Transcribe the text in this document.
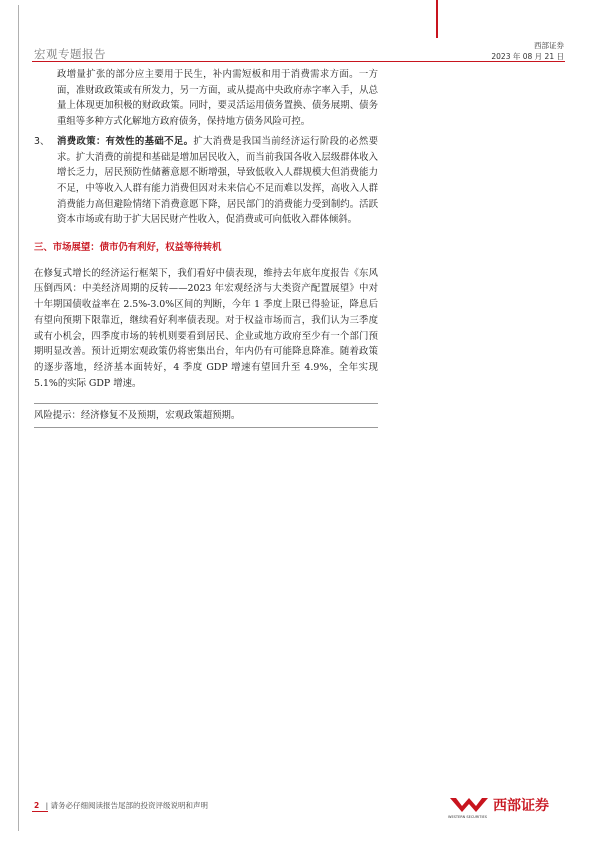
宏观专题报告
西部证券
2023 年 08 月 21 日

政增量扩张的部分应主要用于民生，补内需短板和用于消费需求方面。一方面，准财政政策或有所发力，另一方面，或从提高中央政府赤字率入手，从总量上体现更加积极的财政政策。同时，要灵活运用债务置换、债务展期、债务重组等多种方式化解地方政府债务，保持地方债务风险可控。

3、 消费政策：有效性的基础不足。扩大消费是我国当前经济运行阶段的必然要求。扩大消费的前提和基础是增加居民收入，而当前我国各收入层级群体收入增长乏力，居民预防性储蓄意愿不断增强，导致低收入人群规模大但消费能力不足，中等收入人群有能力消费但因对未来信心不足而难以发挥，高收入人群消费能力高但避险情绪下消费意愿下降，居民部门的消费能力受到制约。活跃资本市场或有助于扩大居民财产性收入，促消费或可向低收入群体倾斜。
三、市场展望：债市仍有利好，权益等待转机

在修复式增长的经济运行框架下，我们看好中债表现，维持去年底年度报告《东风压倒西风：中美经济周期的反转——2023 年宏观经济与大类资产配置展望》中对十年期国债收益率在 2.5%-3.0%区间的判断，今年 1 季度上限已得验证，降息后有望向预期下限靠近，继续看好利率债表现。对于权益市场而言，我们认为三季度或有小机会，四季度市场的转机则要看到居民、企业或地方政府至少有一个部门预期明显改善。预计近期宏观政策仍将密集出台，年内仍有可能降息降准。随着政策的逐步落地，经济基本面转好，4 季度 GDP 增速有望回升至 4.9%，全年实现 5.1%的实际 GDP 增速。

风险提示：经济修复不及预期，宏观政策超预期。
2 | 请务必仔细阅读报告尾部的投资评级说明和声明	西部证券
WESTERN SECURITIES
